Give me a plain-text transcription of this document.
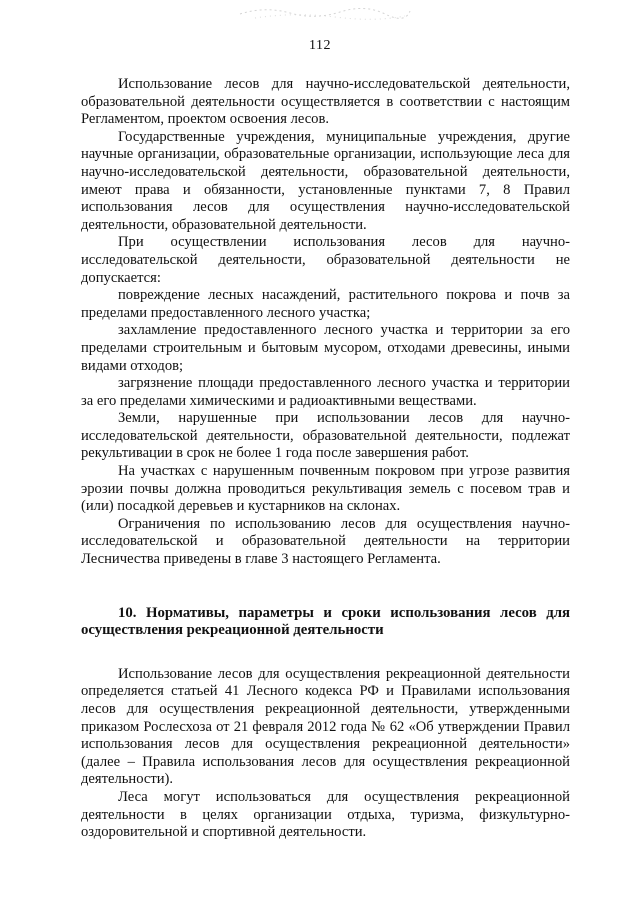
112

Использование лесов для научно-исследовательской деятельности, образовательной деятельности осуществляется в соответствии с настоящим Регламентом, проектом освоения лесов.

Государственные учреждения, муниципальные учреждения, другие научные организации, образовательные организации, использующие леса для научно-исследовательской деятельности, образовательной деятельности, имеют права и обязанности, установленные пунктами 7, 8 Правил использования лесов для осуществления научно-исследовательской деятельности, образовательной деятельности.

При осуществлении использования лесов для научно-исследовательской деятельности, образовательной деятельности не допускается:

повреждение лесных насаждений, растительного покрова и почв за пределами предоставленного лесного участка;

захламление предоставленного лесного участка и территории за его пределами строительным и бытовым мусором, отходами древесины, иными видами отходов;

загрязнение площади предоставленного лесного участка и территории за его пределами химическими и радиоактивными веществами.

Земли, нарушенные при использовании лесов для научно-исследовательской деятельности, образовательной деятельности, подлежат рекультивации в срок не более 1 года после завершения работ.

На участках с нарушенным почвенным покровом при угрозе развития эрозии почвы должна проводиться рекультивация земель с посевом трав и (или) посадкой деревьев и кустарников на склонах.

Ограничения по использованию лесов для осуществления научно-исследовательской и образовательной деятельности на территории Лесничества приведены в главе 3 настоящего Регламента.

10. Нормативы, параметры и сроки использования лесов для осуществления рекреационной деятельности

Использование лесов для осуществления рекреационной деятельности определяется статьей 41 Лесного кодекса РФ и Правилами использования лесов для осуществления рекреационной деятельности, утвержденными приказом Рослесхоза от 21 февраля 2012 года № 62 «Об утверждении Правил использования лесов для осуществления рекреационной деятельности» (далее – Правила использования лесов для осуществления рекреационной деятельности).

Леса могут использоваться для осуществления рекреационной деятельности в целях организации отдыха, туризма, физкультурно-оздоровительной и спортивной деятельности.
